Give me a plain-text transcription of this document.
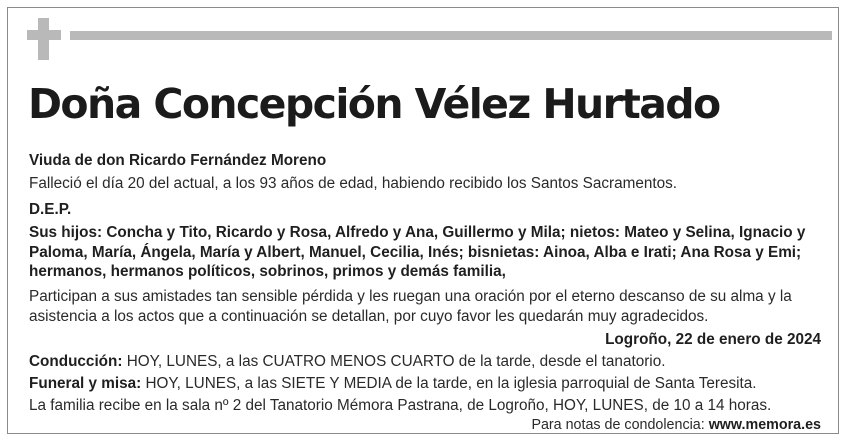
Doña Concepción Vélez Hurtado

Viuda de don Ricardo Fernández Moreno

Falleció el día 20 del actual, a los 93 años de edad, habiendo recibido los Santos Sacramentos.

D.E.P.

Sus hijos: Concha y Tito, Ricardo y Rosa, Alfredo y Ana, Guillermo y Mila; nietos: Mateo y Selina, Ignacio y Paloma, María, Ángela, María y Albert, Manuel, Cecilia, Inés; bisnietas: Ainoa, Alba e Irati; Ana Rosa y Emi; hermanos, hermanos políticos, sobrinos, primos y demás familia,

Participan a sus amistades tan sensible pérdida y les ruegan una oración por el eterno descanso de su alma y la asistencia a los actos que a continuación se detallan, por cuyo favor les quedarán muy agradecidos.

Logroño, 22 de enero de 2024

Conducción: HOY, LUNES, a las CUATRO MENOS CUARTO de la tarde, desde el tanatorio.

Funeral y misa: HOY, LUNES, a las SIETE Y MEDIA de la tarde, en la iglesia parroquial de Santa Teresita.

La familia recibe en la sala nº 2 del Tanatorio Mémora Pastrana, de Logroño, HOY, LUNES, de 10 a 14 horas.

Para notas de condolencia: www.memora.es
